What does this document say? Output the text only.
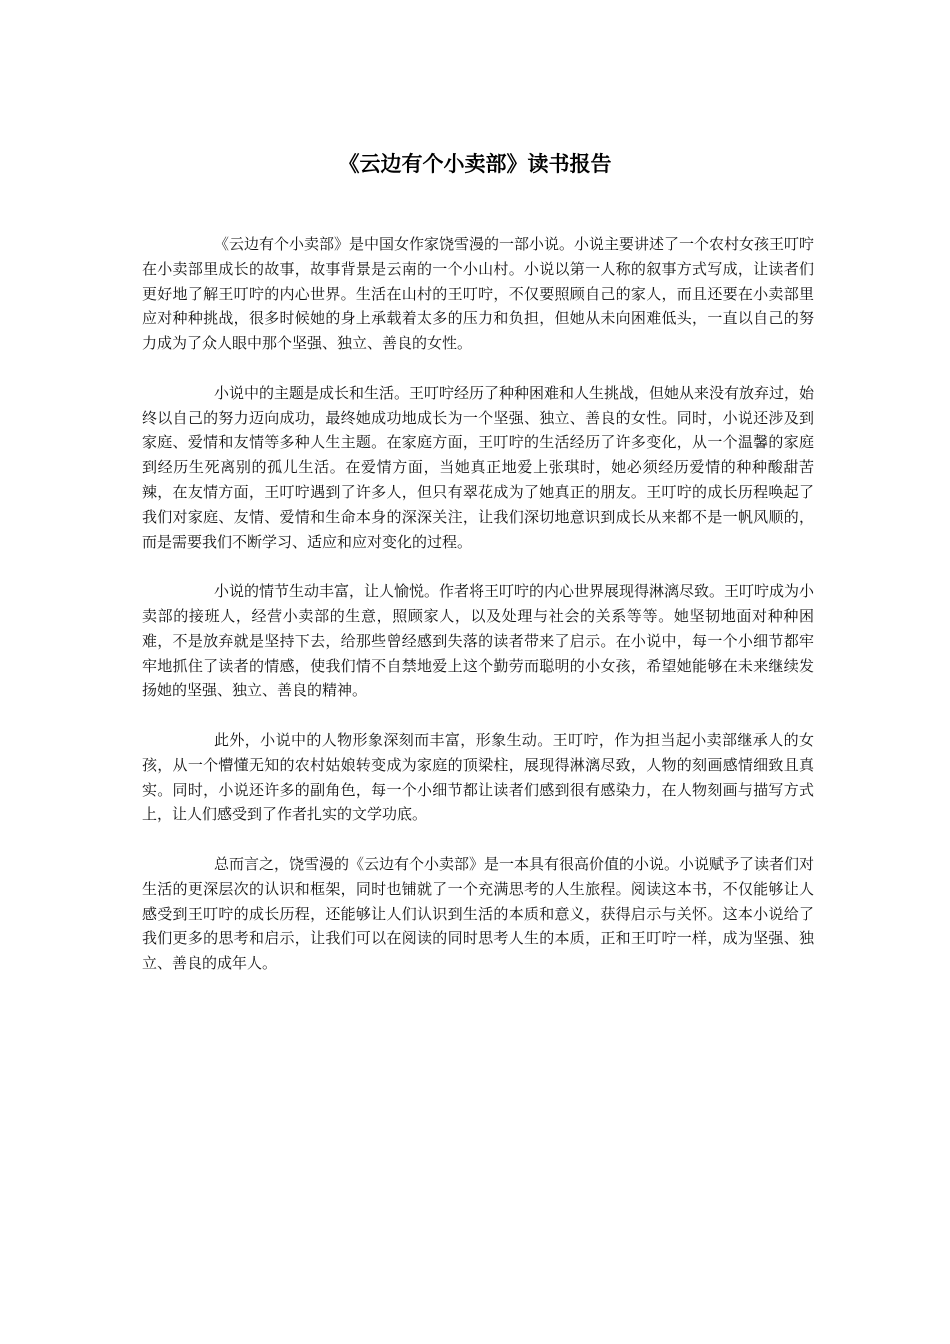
《云边有个小卖部》读书报告

《云边有个小卖部》是中国女作家饶雪漫的一部小说。小说主要讲述了一个农村女孩王叮咛在小卖部里成长的故事，故事背景是云南的一个小山村。小说以第一人称的叙事方式写成，让读者们更好地了解王叮咛的内心世界。生活在山村的王叮咛，不仅要照顾自己的家人，而且还要在小卖部里应对种种挑战，很多时候她的身上承载着太多的压力和负担，但她从未向困难低头，一直以自己的努力成为了众人眼中那个坚强、独立、善良的女性。

小说中的主题是成长和生活。王叮咛经历了种种困难和人生挑战，但她从来没有放弃过，始终以自己的努力迈向成功，最终她成功地成长为一个坚强、独立、善良的女性。同时，小说还涉及到家庭、爱情和友情等多种人生主题。在家庭方面，王叮咛的生活经历了许多变化，从一个温馨的家庭到经历生死离别的孤儿生活。在爱情方面，当她真正地爱上张琪时，她必须经历爱情的种种酸甜苦辣，在友情方面，王叮咛遇到了许多人，但只有翠花成为了她真正的朋友。王叮咛的成长历程唤起了我们对家庭、友情、爱情和生命本身的深深关注，让我们深切地意识到成长从来都不是一帆风顺的，而是需要我们不断学习、适应和应对变化的过程。

小说的情节生动丰富，让人愉悦。作者将王叮咛的内心世界展现得淋漓尽致。王叮咛成为小卖部的接班人，经营小卖部的生意，照顾家人，以及处理与社会的关系等等。她坚韧地面对种种困难，不是放弃就是坚持下去，给那些曾经感到失落的读者带来了启示。在小说中，每一个小细节都牢牢地抓住了读者的情感，使我们情不自禁地爱上这个勤劳而聪明的小女孩，希望她能够在未来继续发扬她的坚强、独立、善良的精神。

此外，小说中的人物形象深刻而丰富，形象生动。王叮咛，作为担当起小卖部继承人的女孩，从一个懵懂无知的农村姑娘转变成为家庭的顶梁柱，展现得淋漓尽致，人物的刻画感情细致且真实。同时，小说还许多的副角色，每一个小细节都让读者们感到很有感染力，在人物刻画与描写方式上，让人们感受到了作者扎实的文学功底。

总而言之，饶雪漫的《云边有个小卖部》是一本具有很高价值的小说。小说赋予了读者们对生活的更深层次的认识和框架，同时也铺就了一个充满思考的人生旅程。阅读这本书，不仅能够让人感受到王叮咛的成长历程，还能够让人们认识到生活的本质和意义，获得启示与关怀。这本小说给了我们更多的思考和启示，让我们可以在阅读的同时思考人生的本质，正和王叮咛一样，成为坚强、独立、善良的成年人。
